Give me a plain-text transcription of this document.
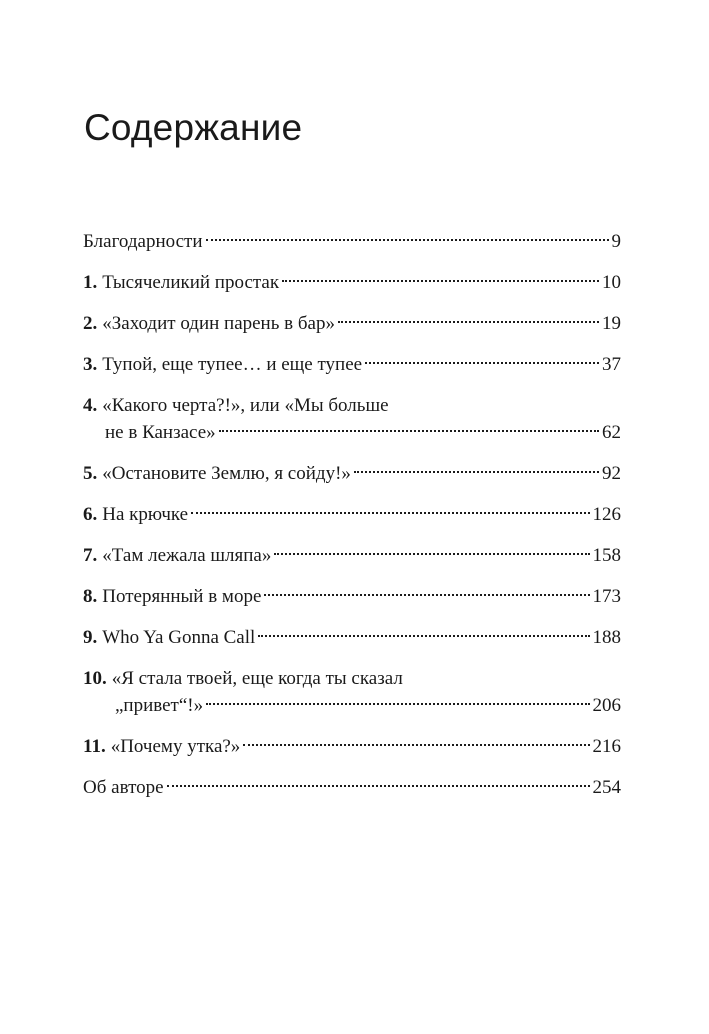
Содержание
Благодарности	9
1. Тысячеликий простак	10
2. «Заходит один парень в бар»	19
3. Тупой, еще тупее… и еще тупее	37
4. «Какого черта?!», или «Мы больше
не в Канзасе»	62
5. «Остановите Землю, я сойду!»	92
6. На крючке	126
7. «Там лежала шляпа»	158
8. Потерянный в море	173
9. Who Ya Gonna Call	188
10. «Я стала твоей, еще когда ты сказал
„привет“!»	206
11. «Почему утка?»	216
Об авторе	254
